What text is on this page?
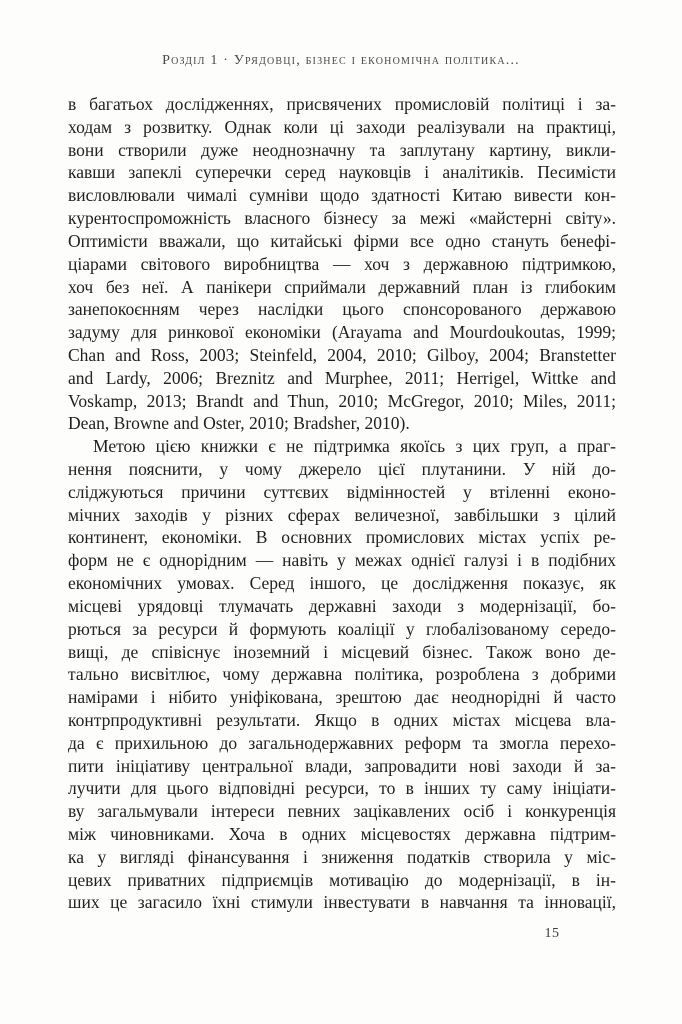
Розділ 1 · Урядовці, бізнес і економічна політика...
в багатьох дослідженнях, присвячених промисловій політиці і за-
ходам з розвитку. Однак коли ці заходи реалізували на практиці,
вони створили дуже неоднозначну та заплутану картину, викли-
кавши запеклі суперечки серед науковців і аналітиків. Песимісти
висловлювали чималі сумніви щодо здатності Китаю вивести кон-
курентоспроможність власного бізнесу за межі «майстерні світу».
Оптимісти вважали, що китайські фірми все одно стануть бенефі-
ціарами світового виробництва — хоч з державною підтримкою,
хоч без неї. А панікери сприймали державний план із глибоким
занепокоєнням через наслідки цього спонсорованого державою
задуму для ринкової економіки (Arayama and Mourdoukoutas, 1999;
Chan and Ross, 2003; Steinfeld, 2004, 2010; Gilboy, 2004; Branstetter
and Lardy, 2006; Breznitz and Murphee, 2011; Herrigel, Wittke and
Voskamp, 2013; Brandt and Thun, 2010; McGregor, 2010; Miles, 2011;
Dean, Browne and Oster, 2010; Bradsher, 2010).
Метою цією книжки є не підтримка якоїсь з цих груп, а праг-
нення пояснити, у чому джерело цієї плутанини. У ній до-
сліджуються причини суттєвих відмінностей у втіленні еконо-
мічних заходів у різних сферах величезної, завбільшки з цілий
континент, економіки. В основних промислових містах успіх ре-
форм не є однорідним — навіть у межах однієї галузі і в подібних
економічних умовах. Серед іншого, це дослідження показує, як
місцеві урядовці тлумачать державні заходи з модернізації, бо-
рються за ресурси й формують коаліції у глобалізованому середо-
вищі, де співіснує іноземний і місцевий бізнес. Також воно де-
тально висвітлює, чому державна політика, розроблена з добрими
намірами і нібито уніфікована, зрештою дає неоднорідні й часто
контрпродуктивні результати. Якщо в одних містах місцева вла-
да є прихильною до загальнодержавних реформ та змогла перехо-
пити ініціативу центральної влади, запровадити нові заходи й за-
лучити для цього відповідні ресурси, то в інших ту саму ініціати-
ву загальмували інтереси певних зацікавлених осіб і конкуренція
між чиновниками. Хоча в одних місцевостях державна підтрим-
ка у вигляді фінансування і зниження податків створила у міс-
цевих приватних підприємців мотивацію до модернізації, в ін-
ших це загасило їхні стимули інвестувати в навчання та інновації,
15
